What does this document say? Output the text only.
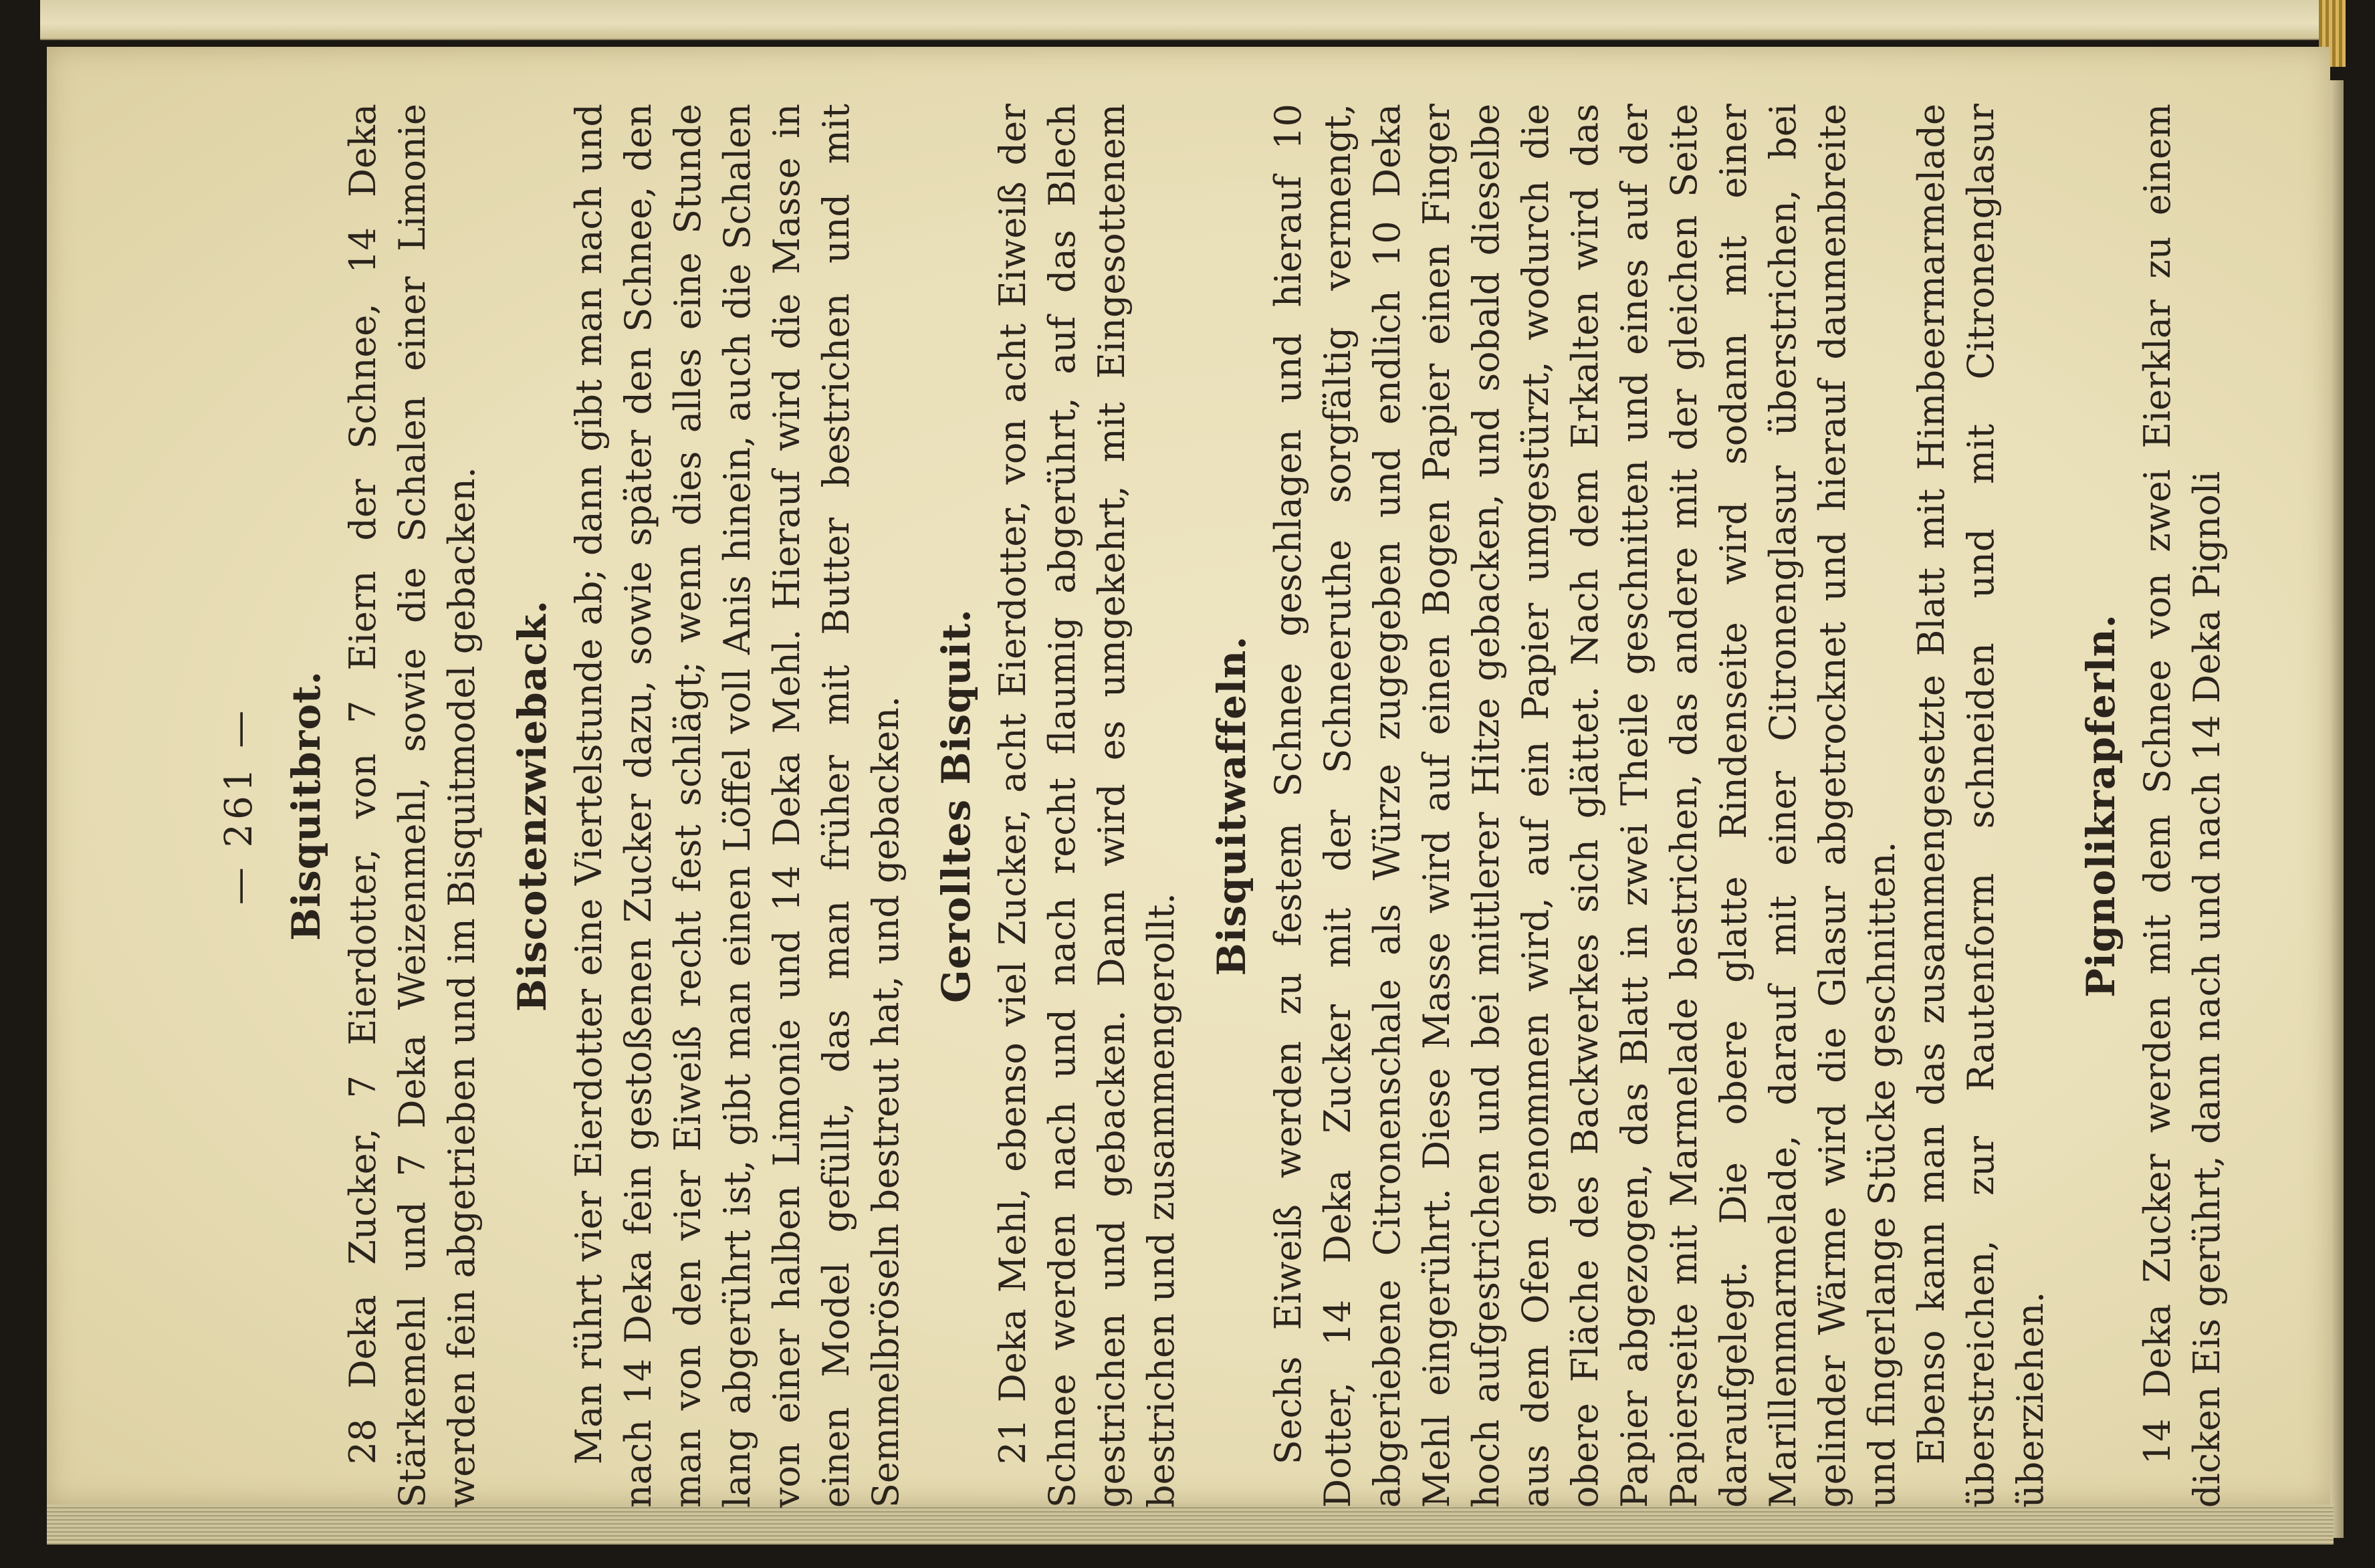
— 261 — Bisquitbrot. 28 Deka Zucker, 7 Eierdotter, von 7 Eiern der Schnee, 14 Deka Stärkemehl und 7 Deka Weizenmehl, sowie die Schalen einer Limonie werden fein abgetrieben und im Bisquitmodel gebacken. Biscotenzwieback. Man rührt vier Eierdotter eine Viertelstunde ab; dann gibt man nach und nach 14 Deka fein gestoßenen Zucker dazu, sowie später den Schnee, den man von den vier Eiweiß recht fest schlägt; wenn dies alles eine Stunde lang abgerührt ist, gibt man einen Löffel voll Anis hinein, auch die Schalen von einer halben Limonie und 14 Deka Mehl. Hierauf wird die Masse in einen Model gefüllt, das man früher mit Butter bestrichen und mit Semmelbröseln bestreut hat, und gebacken. Gerolltes Bisquit. 21 Deka Mehl, ebenso viel Zucker, acht Eierdotter, von acht Eiweiß der Schnee werden nach und nach recht flaumig abgerührt, auf das Blech gestrichen und gebacken. Dann wird es umgekehrt, mit Eingesottenem bestrichen und zusammengerollt.

Bisquitwaffeln. Sechs Eiweiß werden zu festem Schnee geschlagen und hierauf 10 Dotter, 14 Deka Zucker mit der Schneeruthe sorgfältig vermengt, abgeriebene Citronenschale als Würze zugegeben und endlich 10 Deka Mehl eingerührt. Diese Masse wird auf einen Bogen Papier einen Finger hoch aufgestrichen und bei mittlerer Hitze gebacken, und sobald dieselbe aus dem Ofen genommen wird, auf ein Papier umgestürzt, wodurch die obere Fläche des Backwerkes sich glättet. Nach dem Erkalten wird das Papier abgezogen, das Blatt in zwei Theile geschnitten und eines auf der Papierseite mit Marmelade bestrichen, das andere mit der gleichen Seite daraufgelegt. Die obere glatte Rindenseite wird sodann mit einer Marillenmarmelade, darauf mit einer Citronenglasur überstrichen, bei gelinder Wärme wird die Glasur abgetrocknet und hierauf daumenbreite und fingerlange Stücke geschnitten. Ebenso kann man das zusammengesetzte Blatt mit Himbeermarmelade überstreichen, zur Rautenform schneiden und mit Citronenglasur überziehen.

Pignolikrapferln. 14 Deka Zucker werden mit dem Schnee von zwei Eierklar zu einem dicken Eis gerührt, dann nach und nach 14 Deka Pignoli
